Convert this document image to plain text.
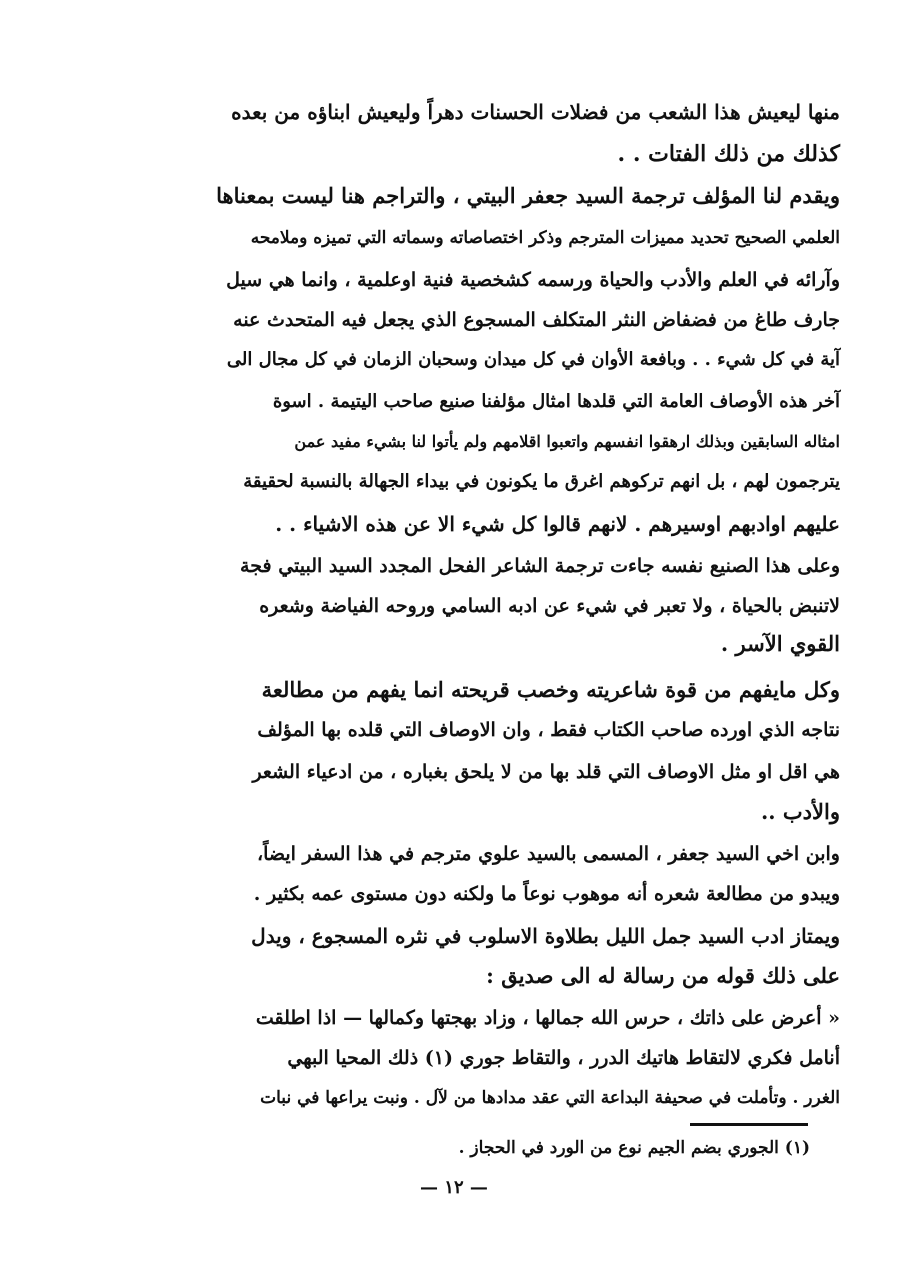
منها ليعيش هذا الشعب من فضلات الحسنات دهراً وليعيش ابناؤه من بعده
كذلك من ذلك الفتات . .
ويقدم لنا المؤلف ترجمة السيد جعفر البيتي ، والتراجم هنا ليست بمعناها
العلمي الصحيح تحديد مميزات المترجم وذكر اختصاصاته وسماته التي تميزه وملامحه
وآرائه في العلم والأدب والحياة ورسمه كشخصية فنية اوعلمية ، وانما هي سيل
جارف طاغ من فضفاض النثر المتكلف المسجوع الذي يجعل فيه المتحدث عنه
آية في كل شيء . . وبافعة الأوان في كل ميدان وسحبان الزمان في كل مجال الى
آخر هذه الأوصاف العامة التي قلدها امثال مؤلفنا صنيع صاحب اليتيمة . اسوة
امثاله السابقين وبذلك ارهقوا انفسهم واتعبوا اقلامهم ولم يأتوا لنا بشيء مفيد عمن
يترجمون لهم ، بل انهم تركوهم اغرق ما يكونون في بيداء الجهالة بالنسبة لحقيقة
عليهم اوادبهم اوسيرهم . لانهم قالوا كل شيء الا عن هذه الاشياء . .
وعلى هذا الصنيع نفسه جاءت ترجمة الشاعر الفحل المجدد السيد البيتي فجة
لاتنبض بالحياة ، ولا تعبر في شيء عن ادبه السامي وروحه الفياضة وشعره
القوي الآسر .
وكل مايفهم من قوة شاعريته وخصب قريحته انما يفهم من مطالعة
نتاجه الذي اورده صاحب الكتاب فقط ، وان الاوصاف التي قلده بها المؤلف
هي اقل او مثل الاوصاف التي قلد بها من لا يلحق بغباره ، من ادعياء الشعر
والأدب ..
وابن اخي السيد جعفر ، المسمى بالسيد علوي مترجم في هذا السفر ايضاً،
ويبدو من مطالعة شعره أنه موهوب نوعاً ما ولكنه دون مستوى عمه بكثير .
ويمتاز ادب السيد جمل الليل بطلاوة الاسلوب في نثره المسجوع ، ويدل
على ذلك قوله من رسالة له الى صديق :
« أعرض على ذاتك ، حرس الله جمالها ، وزاد بهجتها وكمالها — اذا اطلقت
أنامل فكري لالتقاط هاتيك الدرر ، والتقاط جوري (١) ذلك المحيا البهي
الغرر . وتأملت في صحيفة البداعة التي عقد مدادها من لآل . ونبت يراعها في نبات
(١) الجوري بضم الجيم نوع من الورد في الحجاز .
— ١٢ —
